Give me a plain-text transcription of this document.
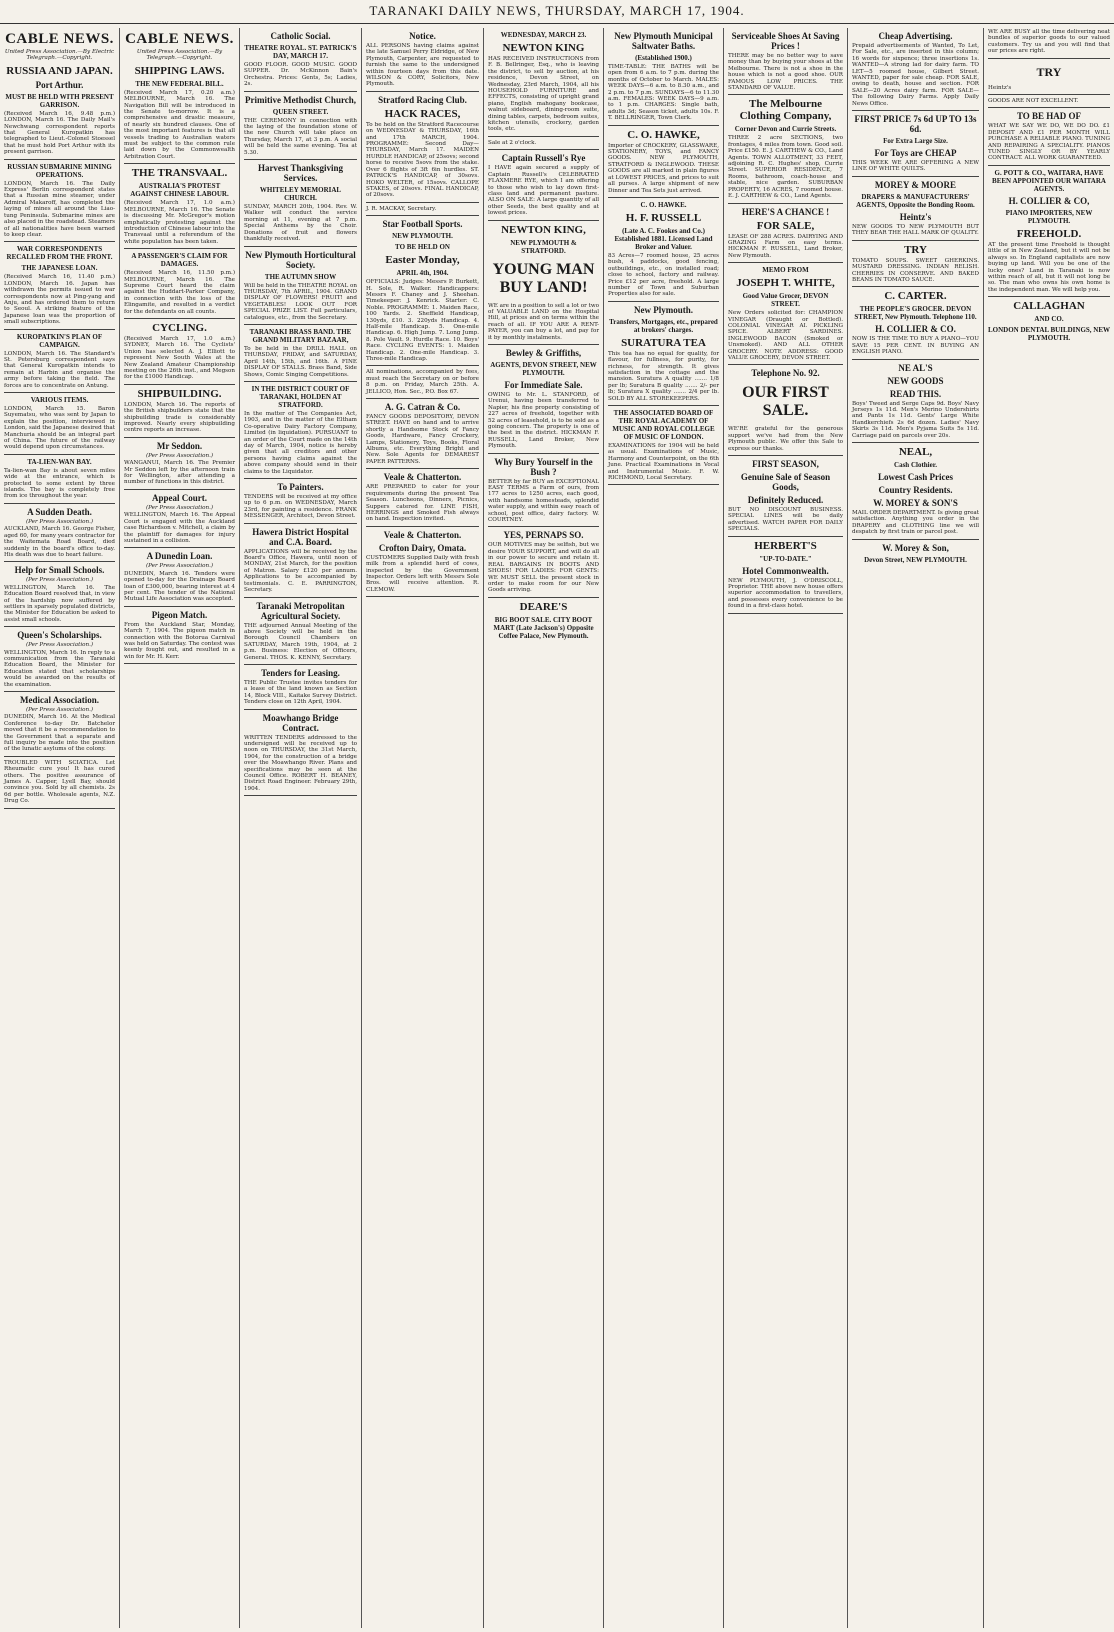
TARANAKI DAILY NEWS, THURSDAY, MARCH 17, 1904.
CABLE NEWS.
United Press Association.—By Electric Telegraph.—Copyright.
RUSSIA AND JAPAN.
Port Arthur.
MUST BE HELD WITH PRESENT GARRISON.
(Received March 16, 9.48 p.m.) LONDON, March 16. The Daily Mail's Newchwang correspondent reports that General Kuropatkin has telegraphed to Lieut.-Colonel Stoessel that he must hold Port Arthur with its present garrison.
RUSSIAN SUBMARINE MINING OPERATIONS.
LONDON, March 16. The Daily Express' Berlin correspondent states that a Russian mine steamer, under Admiral Makaroff, has completed the laying of mines all around the Liao-tung Peninsula. Submarine mines are also placed in the roadstead. Steamers of all nationalities have been warned to keep clear.
WAR CORRESPONDENTS RECALLED FROM THE FRONT.
THE JAPANESE LOAN.
(Received March 16, 11.40 p.m.) LONDON, March 16. Japan has withdrawn the permits issued to war correspondents now at Ping-yang and Anju, and has ordered them to return to Seoul. A striking feature of the Japanese loan was the proportion of small subscriptions.
KUROPATKIN'S PLAN OF CAMPAIGN.
LONDON, March 16. The Standard's St. Petersburg correspondent says that General Kuropatkin intends to remain at Harbin and organise the army before taking the field. The forces are to concentrate on Antung.
VARIOUS ITEMS.
LONDON, March 15. Baron Suyematsu, who was sent by Japan to explain the position, interviewed in London, said the Japanese desired that Manchuria should be an integral part of China. The future of the railway would depend upon circumstances.
TA-LIEN-WAN BAY.
Ta-lien-wan Bay is about seven miles wide at the entrance, which is protected to some extent by three islands. The bay is completely free from ice throughout the year.
A Sudden Death.
(Per Press Association.)
AUCKLAND, March 16. George Fisher, aged 60, for many years contractor for the Waitemata Road Board, died suddenly in the board's office to-day. His death was due to heart failure.
Help for Small Schools.
(Per Press Association.)
WELLINGTON, March 16. The Education Board resolved that, in view of the hardship now suffered by settlers in sparsely populated districts, the Minister for Education be asked to assist small schools.
Queen's Scholarships.
(Per Press Association.)
WELLINGTON, March 16. In reply to a communication from the Taranaki Education Board, the Minister for Education stated that scholarships would be awarded on the results of the examination.
Medical Association.
(Per Press Association.)
DUNEDIN, March 16. At the Medical Conference to-day Dr. Batchelor moved that it be a recommendation to the Government that a separate and full inquiry be made into the position of the lunatic asylums of the colony.
TROUBLED WITH SCIATICA. Let Rheumatic cure you! It has cured others. The positive assurance of James A. Capper, Lyell Bay, should convince you. Sold by all chemists. 2s 6d per bottle. Wholesale agents, N.Z. Drug Co.
CABLE NEWS.
United Press Association.—By Telegraph.—Copyright.
SHIPPING LAWS.
THE NEW FEDERAL BILL.
(Received March 17, 0.20 a.m.) MELBOURNE, March 16. The Navigation Bill will be introduced in the Senate to-morrow. It is a comprehensive and drastic measure, of nearly six hundred clauses. One of the most important features is that all vessels trading to Australian waters must be subject to the common rule laid down by the Commonwealth Arbitration Court.
THE TRANSVAAL.
AUSTRALIA'S PROTEST AGAINST CHINESE LABOUR.
(Received March 17, 1.0 a.m.) MELBOURNE, March 16. The Senate is discussing Mr. McGregor's motion emphatically protesting against the introduction of Chinese labour into the Transvaal until a referendum of the white population has been taken.
A PASSENGER'S CLAIM FOR DAMAGES.
(Received March 16, 11.50 p.m.) MELBOURNE, March 16. The Supreme Court heard the claim against the Huddart-Parker Company, in connection with the loss of the Elingamite, and resulted in a verdict for the defendants on all counts.
CYCLING.
(Received March 17, 1.0 a.m.) SYDNEY, March 16. The Cyclists' Union has selected A. J. Elliott to represent New South Wales at the New Zealand Amateur Championship meeting on the 26th inst., and Megson for the £1000 Handicap.
SHIPBUILDING.
LONDON, March 16. The reports of the British shipbuilders state that the shipbuilding trade is considerably improved. Nearly every shipbuilding centre reports an increase.
Mr Seddon.
(Per Press Association.)
WANGANUI, March 16. The Premier Mr Seddon left by the afternoon train for Wellington, after attending a number of functions in this district.
Appeal Court.
(Per Press Association.)
WELLINGTON, March 16. The Appeal Court is engaged with the Auckland case Richardson v. Mitchell, a claim by the plaintiff for damages for injury sustained in a collision.
A Dunedin Loan.
(Per Press Association.)
DUNEDIN, March 16. Tenders were opened to-day for the Drainage Board loan of £300,000, bearing interest at 4 per cent. The tender of the National Mutual Life Association was accepted.
Pigeon Match.
From the Auckland Star, Monday, March 7, 1904. The pigeon match in connection with the Botorua Carnival was held on Saturday. The contest was keenly fought out, and resulted in a win for Mr. H. Kerr.
Catholic Social.
THEATRE ROYAL. ST. PATRICK'S DAY, MARCH 17.
GOOD FLOOR. GOOD MUSIC. GOOD SUPPER. Dr. McKinnon Bain's Orchestra. Prices: Gents, 5s; Ladies, 2s.
Primitive Methodist Church,
QUEEN STREET.
THE CEREMONY in connection with the laying of the foundation stone of the new Church will take place on Thursday, March 17, at 3 p.m. A social will be held the same evening. Tea at 5.30.
Harvest Thanksgiving Services.
WHITELEY MEMORIAL CHURCH.
SUNDAY, MARCH 20th, 1904. Rev. W. Walker will conduct the service morning at 11, evening at 7 p.m. Special Anthems by the Choir. Donations of fruit and flowers thankfully received.
New Plymouth Horticultural Society.
THE AUTUMN SHOW
Will be held in the THEATRE ROYAL on THURSDAY, 7th APRIL, 1904. GRAND DISPLAY OF FLOWERS! FRUIT! and VEGETABLES! LOOK OUT FOR SPECIAL PRIZE LIST. Full particulars, catalogues, etc., from the Secretary.
TARANAKI BRASS BAND. THE GRAND MILITARY BAZAAR,
To be held in the DRILL HALL on THURSDAY, FRIDAY, and SATURDAY, April 14th, 15th, and 16th. A FINE DISPLAY OF STALLS. Brass Band, Side Shows, Comic Singing Competitions.
IN THE DISTRICT COURT OF TARANAKI, HOLDEN AT STRATFORD.
In the matter of The Companies Act, 1903, and in the matter of the Eltham Co-operative Dairy Factory Company, Limited (in liquidation). PURSUANT to an order of the Court made on the 14th day of March, 1904, notice is hereby given that all creditors and other persons having claims against the above company should send in their claims to the Liquidator.
To Painters.
TENDERS will be received at my office up to 6 p.m. on WEDNESDAY, March 23rd, for painting a residence. FRANK MESSENGER, Architect, Devon Street.
Hawera District Hospital and C.A. Board.
APPLICATIONS will be received by the Board's Office, Hawera, until noon of MONDAY, 21st March, for the position of Matron. Salary £120 per annum. Applications to be accompanied by testimonials. C. E. PARRINGTON, Secretary.
Taranaki Metropolitan Agricultural Society.
THE adjourned Annual Meeting of the above Society will be held in the Borough Council Chambers on SATURDAY, March 19th, 1904, at 2 p.m. Business: Election of Officers, General. THOS. K. KENNY, Secretary.
Tenders for Leasing.
THE Public Trustee invites tenders for a lease of the land known as Section 14, Block VIII., Kaitake Survey District. Tenders close on 12th April, 1904.
Moawhango Bridge Contract.
WRITTEN TENDERS addressed to the undersigned will be received up to noon on THURSDAY, the 31st March, 1904, for the construction of a bridge over the Moawhango River. Plans and specifications may be seen at the Council Office. ROBERT H. BEANEY, District Road Engineer. February 29th, 1904.
Notice.
ALL PERSONS having claims against the late Samuel Perry Eldridge, of New Plymouth, Carpenter, are requested to furnish the same to the undersigned within fourteen days from this date. WILSON & CORY, Solicitors, New Plymouth.
Stratford Racing Club.
HACK RACES,
To be held on the Stratford Racecourse on WEDNESDAY & THURSDAY, 16th and 17th MARCH, 1904. PROGRAMME: Second Day—THURSDAY, March 17. MAIDEN HURDLE HANDICAP, of 25sovs; second horse to receive 5sovs from the stake. Over 6 flights of 3ft 6in hurdles. ST. PATRICK'S HANDICAP, of 30sovs. HOKO WELTER, of 15sovs. CALLOPE STAKES, of 20sovs. FINAL HANDICAP, of 20sovs.
J. R. MACKAY, Secretary.
Star Football Sports.
NEW PLYMOUTH.
TO BE HELD ON
Easter Monday,
APRIL 4th, 1904.
OFFICIALS: Judges: Messrs P. Burkett, H. Sole, R. Walker. Handicappers: Messrs F. Chaney and J. Sheehan. Timekeeper: J. Kenrick. Starter: C. Noble. PROGRAMME: 1. Maiden Race, 100 Yards. 2. Sheffield Handicap, 130yds, £10. 3. 220yds Handicap. 4. Half-mile Handicap. 5. One-mile Handicap. 6. High Jump. 7. Long Jump. 8. Pole Vault. 9. Hurdle Race. 10. Boys' Race. CYCLING EVENTS: 1. Maiden Handicap. 2. One-mile Handicap. 3. Three-mile Handicap.
All nominations, accompanied by fees, must reach the Secretary on or before 8 p.m. on Friday, March 25th. A. JELLICO, Hon. Sec., P.O. Box 67.
A. G. Catran & Co.
FANCY GOODS DEPOSITORY, DEVON STREET. HAVE on hand and to arrive shortly a Handsome Stock of Fancy Goods, Hardware, Fancy Crockery, Lamps, Stationery, Toys, Books, Floral Albums, etc. Everything Bright and New. Sole Agents for DEMAREST PAPER PATTERNS.
Veale & Chatterton.
ARE PREPARED to cater for your requirements during the present Tea Season. Luncheons, Dinners, Picnics, Suppers catered for. LINE FISH, HERRINGS and Smoked Fish always on hand. Inspection invited.
Veale & Chatterton.
Crofton Dairy, Omata.
CUSTOMERS Supplied Daily with fresh milk from a splendid herd of cows, inspected by the Government Inspector. Orders left with Messrs Sole Bros. will receive attention. R. CLEMOW.
WEDNESDAY, MARCH 23.
NEWTON KING
HAS RECEIVED INSTRUCTIONS from F. B. Bellringer, Esq., who is leaving the district, to sell by auction, at his residence, Devon Street, on Wednesday, 23rd March, 1904, all his HOUSEHOLD FURNITURE and EFFECTS, consisting of upright grand piano, English mahogany bookcase, walnut sideboard, dining-room suite, dining tables, carpets, bedroom suites, kitchen utensils, crockery, garden tools, etc.
Sale at 2 o'clock.
Captain Russell's Rye
I HAVE again secured a supply of Captain Russell's CELEBRATED FLAXMERE RYE, which I am offering to those who wish to lay down first-class land and permanent pasture. ALSO ON SALE: A large quantity of all other Seeds, the best quality and at lowest prices.
NEWTON KING,
NEW PLYMOUTH & STRATFORD.
YOUNG MAN BUY LAND!
WE are in a position to sell a lot or two of VALUABLE LAND on the Hospital Hill, at prices and on terms within the reach of all. IF YOU ARE A RENT-PAYER, you can buy a lot, and pay for it by monthly instalments.
Bewley & Griffiths,
AGENTS, DEVON STREET, NEW PLYMOUTH.
For Immediate Sale.
OWING to Mr. L. STANFORD, of Urenui, having been transferred to Napier, his fine property consisting of 227 acres of freehold, together with 52 acres of leasehold, is to be sold as a going concern. The property is one of the best in the district. HICKMAN F. RUSSELL, Land Broker, New Plymouth.
Why Bury Yourself in the Bush ?
BETTER by far BUY an EXCEPTIONAL EASY TERMS a Farm of ours, from 177 acres to 1250 acres, each good, with handsome homesteads, splendid water supply, and within easy reach of school, post office, dairy factory. W. COURTNEY.
YES, PERNAPS SO.
OUR MOTIVES may be selfish, but we desire YOUR SUPPORT, and will do all in our power to secure and retain it. REAL BARGAINS IN BOOTS AND SHOES! FOR LADIES: FOR GENTS: WE MUST SELL the present stock in order to make room for our New Goods arriving.
DEARE'S
BIG BOOT SALE. CITY BOOT MART (Late Jackson's) Opposite Coffee Palace, New Plymouth.
New Plymouth Municipal Saltwater Baths.
(Established 1900.)
TIME-TABLE: THE BATHS will be open from 6 a.m. to 7 p.m. during the months of October to March. MALES: WEEK DAYS—6 a.m. to 8.30 a.m., and 2 p.m. to 7 p.m. SUNDAYS—6 to 11.30 a.m. FEMALES: WEEK DAYS—9 a.m. to 1 p.m. CHARGES: Single bath, adults 3d; Season ticket, adults 10s. F. T. BELLRINGER, Town Clerk.
C. O. HAWKE,
Importer of CROCKERY, GLASSWARE, STATIONERY, TOYS, and FANCY GOODS. NEW PLYMOUTH, STRATFORD & INGLEWOOD. THESE GOODS are all marked in plain figures at LOWEST PRICES, and prices to suit all purses. A large shipment of new Dinner and Tea Sets just arrived.
C. O. HAWKE.
H. F. RUSSELL
(Late A. C. Fookes and Co.) Established 1881. Licensed Land Broker and Valuer.
83 Acres—7 roomed house, 25 acres bush, 4 paddocks, good fencing, outbuildings, etc., on installed road; close to school, factory and railway. Price £12 per acre, freehold. A large number of Town and Suburban Properties also for sale.
New Plymouth.
Transfers, Mortgages, etc., prepared at brokers' charges.
SURATURA TEA
This tea has no equal for quality, for flavour, for fullness, for purity, for richness, for strength. It gives satisfaction in the cottage and the mansion. Suratura A quality ....... 1/8 per lb; Suratura B quality ....... 2/- per lb; Suratura X quality ....... 2/4 per lb. SOLD BY ALL STOREKEEPERS.
THE ASSOCIATED BOARD OF THE ROYAL ACADEMY OF MUSIC AND ROYAL COLLEGE OF MUSIC OF LONDON.
EXAMINATIONS for 1904 will be held as usual. Examinations of Music, Harmony and Counterpoint, on the 6th June. Practical Examinations in Vocal and Instrumental Music. F. W. RICHMOND, Local Secretary.
Serviceable Shoes At Saving Prices !
THERE may be no better way to save money than by buying your shoes at the Melbourne. There is not a shoe in the house which is not a good shoe. OUR FAMOUS LOW PRICES. THE STANDARD OF VALUE.
The Melbourne Clothing Company,
Corner Devon and Currie Streets.
THREE 2 acre SECTIONS, two frontages, 4 miles from town. Good soil. Price £150. E. J. CARTHEW & CO., Land Agents. TOWN ALLOTMENT, 33 FEET, adjoining R. C. Hughes' shop, Currie Street. SUPERIOR RESIDENCE, 7 Rooms, bathroom, coach-house and stable, nice garden. SUBURBAN PROPERTY, 16 ACRES, 7 roomed house. E. J. CARTHEW & CO., Land Agents.
HERE'S A CHANCE !
FOR SALE,
LEASE OF 288 ACRES. DAIRYING AND GRAZING Farm on easy terms. HICKMAN F. RUSSELL, Land Broker, New Plymouth.
MEMO FROM
JOSEPH T. WHITE,
Good Value Grocer, DEVON STREET.
New Orders solicited for: CHAMPION VINEGAR (Draught or Bottled). COLONIAL VINEGAR AI. PICKLING SPICE. ALBERT SARDINES. INGLEWOOD BACON (Smoked or Unsmoked). AND ALL OTHER GROCERY. NOTE ADDRESS: GOOD VALUE GROCERY, DEVON STREET.
Telephone No. 92.
OUR FIRST SALE.
WE'RE grateful for the generous support we've had from the New Plymouth public. We offer this Sale to express our thanks.
FIRST SEASON,
Genuine Sale of Season Goods,
Definitely Reduced.
BUT NO DISCOUNT BUSINESS. SPECIAL LINES will be daily advertised. WATCH PAPER FOR DAILY SPECIALS.
HERBERT'S
"UP-TO-DATE."
Hotel Commonwealth.
NEW PLYMOUTH, J. O'DRISCOLL, Proprietor. THE above new house offers superior accommodation to travellers, and possesses every convenience to be found in a first-class hotel.
Cheap Advertising.
Prepaid advertisements of Wanted, To Let, For Sale, etc., are inserted in this column; 16 words for sixpence; three insertions 1s. WANTED—A strong lad for dairy farm. TO LET—5 roomed house, Gilbert Street. WANTED, paper for sale cheap. FOR SALE, owing to death, house and section. FOR SALE—20 Acres dairy farm. FOR SALE—The following Dairy Farms. Apply Daily News Office.
FIRST PRICE 7s 6d UP TO 13s 6d.
For Extra Large Size.
For Toys are CHEAP
THIS WEEK WE ARE OFFERING A NEW LINE OF WHITE QUILTS.
MOREY & MOORE
DRAPERS & MANUFACTURERS' AGENTS, Opposite the Bonding Room.
Heintz's
NEW GOODS TO NEW PLYMOUTH BUT THEY BEAR THE HALL MARK OF QUALITY.
TRY
TOMATO SOUPS. SWEET GHERKINS. MUSTARD DRESSING. INDIAN RELISH. CHERRIES IN CONSERVE. AND BAKED BEANS IN TOMATO SAUCE.
C. CARTER.
THE PEOPLE'S GROCER. DEVON STREET, New Plymouth. Telephone 110.
H. COLLIER & CO.
NOW IS THE TIME TO BUY A PIANO—YOU SAVE 15 PER CENT. IN BUYING AN ENGLISH PIANO.
NE AL'S
NEW GOODS
READ THIS.
Boys' Tweed and Serge Caps 9d. Boys' Navy Jerseys 1s 11d. Men's Merino Undershirts and Pants 1s 11d. Gents' Large White Handkerchiefs 2s 6d dozen. Ladies' Navy Skirts 3s 11d. Men's Pyjama Suits 5s 11d. Carriage paid on parcels over 20s.
NEAL,
Cash Clothier.
Lowest Cash Prices
Country Residents.
W. MOREY & SON'S
MAIL ORDER DEPARTMENT. Is giving great satisfaction. Anything you order in the DRAPERY and CLOTHING line we will despatch by first train or parcel post.
W. Morey & Son,
Devon Street, NEW PLYMOUTH.
WE ARE BUSY all the time delivering neat bundles of superior goods to our valued customers. Try us and you will find that our prices are right.
TRY
Heintz's
GOODS ARE NOT EXCELLENT.
TO BE HAD OF
WHAT WE SAY WE DO, WE DO DO. £1 DEPOSIT AND £1 PER MONTH WILL PURCHASE A RELIABLE PIANO. TUNING AND REPAIRING A SPECIALITY. PIANOS TUNED SINGLY OR BY YEARLY CONTRACT. ALL WORK GUARANTEED.
G. POTT & CO., WAITARA, HAVE BEEN APPOINTED OUR WAITARA AGENTS.
H. COLLIER & CO,
PIANO IMPORTERS, NEW PLYMOUTH.
FREEHOLD.
AT the present time Freehold is thought little of in New Zealand, but it will not be always so. In England capitalists are now buying up land. Will you be one of the lucky ones? Land in Taranaki is now within reach of all, but it will not long be so. The man who owns his own home is the independent man. We will help you.
CALLAGHAN
AND CO.
LONDON DENTAL BUILDINGS, NEW PLYMOUTH.
